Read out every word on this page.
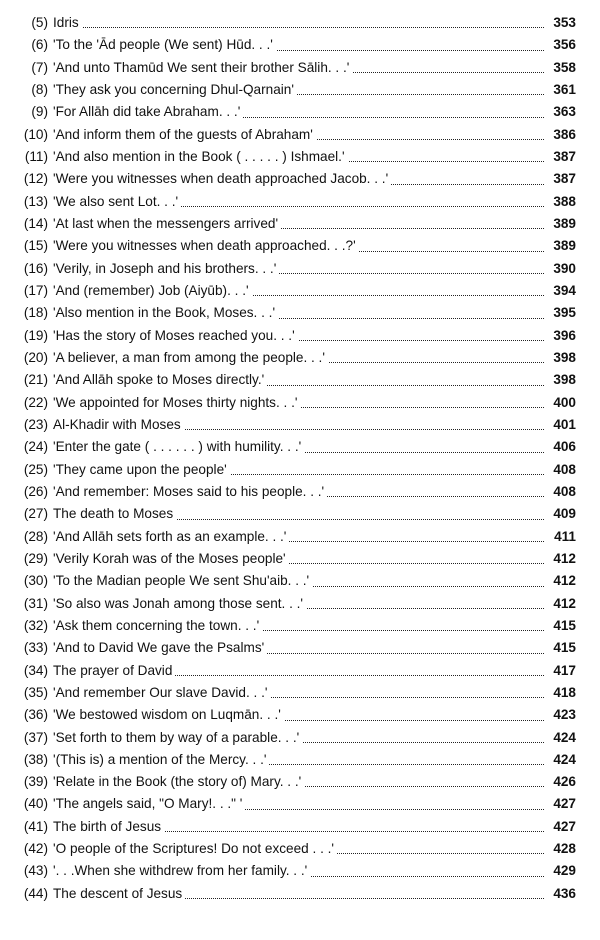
(5) Idris	353
(6) 'To the 'Ād people (We sent) Hūd. . .'	356
(7) 'And unto Thamūd We sent their brother Sālih. . .'	358
(8) 'They ask you concerning Dhul-Qarnain'	361
(9) 'For Allāh did take Abraham. . .'	363
(10) 'And inform them of the guests of Abraham'	386
(11) 'And also mention in the Book ( . . . . . ) Ishmael.'	387
(12) 'Were you witnesses when death approached Jacob. . .'	387
(13) 'We also sent Lot. . .'	388
(14) 'At last when the messengers arrived'	389
(15) 'Were you witnesses when death approached. . .?'	389
(16) 'Verily, in Joseph and his brothers. . .'	390
(17) 'And (remember) Job (Aiyūb). . .'	394
(18) 'Also mention in the Book, Moses. . .'	395
(19) 'Has the story of Moses reached you. . .'	396
(20) 'A believer, a man from among the people. . .'	398
(21) 'And Allāh spoke to Moses directly.'	398
(22) 'We appointed for Moses thirty nights. . .'	400
(23) Al-Khadir with Moses	401
(24) 'Enter the gate ( . . . . . . ) with humility. . .'	406
(25) 'They came upon the people'	408
(26) 'And remember: Moses said to his people. . .'	408
(27) The death to Moses	409
(28) 'And Allāh sets forth as an example. . .'	411
(29) 'Verily Korah was of the Moses people'	412
(30) 'To the Madian people We sent Shu'aib. . .'	412
(31) 'So also was Jonah among those sent. . .'	412
(32) 'Ask them concerning the town. . .'	415
(33) 'And to David We gave the Psalms'	415
(34) The prayer of David	417
(35) 'And remember Our slave David. . .'	418
(36) 'We bestowed wisdom on Luqmān. . .'	423
(37) 'Set forth to them by way of a parable. . .'	424
(38) '(This is) a mention of the Mercy. . .'	424
(39) 'Relate in the Book (the story of) Mary. . .'	426
(40) 'The angels said, "O Mary!. . ." '	427
(41) The birth of Jesus	427
(42) 'O people of the Scriptures! Do not exceed . . .'	428
(43) '. . .When she withdrew from her family. . .'	429
(44) The descent of Jesus	436
